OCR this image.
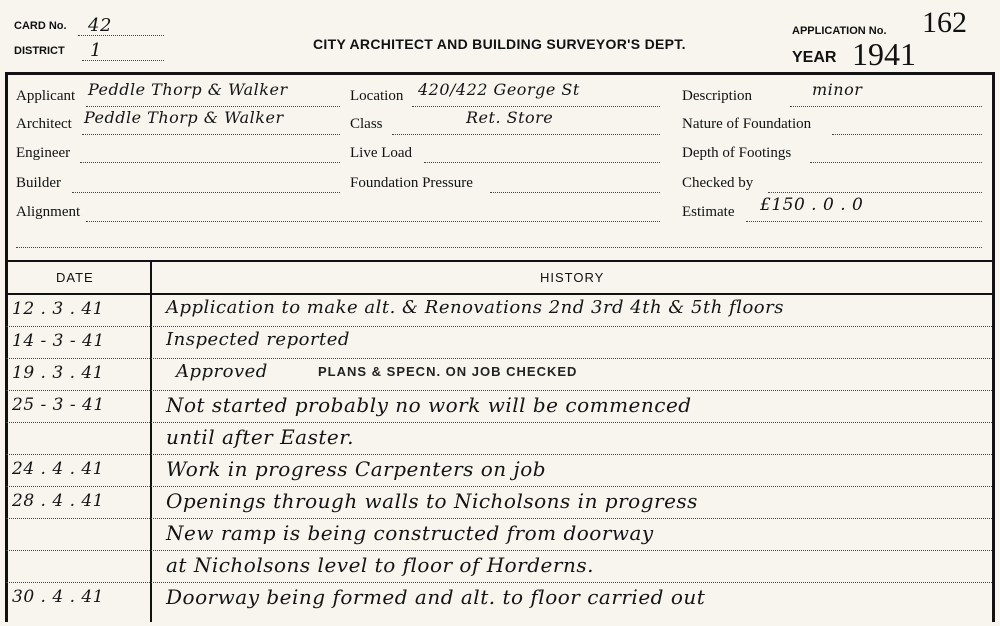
CARD No. 42
DISTRICT 1	CITY ARCHITECT AND BUILDING SURVEYOR'S DEPT.
APPLICATION No. 162
YEAR 1941
Applicant Peddle Thorp & Walker
Architect Peddle Thorp & Walker
Engineer
Builder
Alignment
Location 420/422 George St
Class	Ret. Store
Live Load
Foundation Pressure
Description	minor
Nature of Foundation
Depth of Footings
Checked by
Estimate £150 . 0 . 0
DATE	HISTORY
12 . 3 . 41	Application to make alt. & Renovations 2nd 3rd 4th & 5th floors
14 - 3 - 41	Inspected reported
19 . 3 . 41	Approved	PLANS & SPECN. ON JOB CHECKED
25 - 3 - 41	Not started probably no work will be commenced
until after Easter.
24 . 4 . 41	Work in progress Carpenters on job
28 . 4 . 41	Openings through walls to Nicholsons in progress
New ramp is being constructed from doorway
at Nicholsons level to floor of Horderns.
30 . 4 . 41	Doorway being formed and alt. to floor carried out
